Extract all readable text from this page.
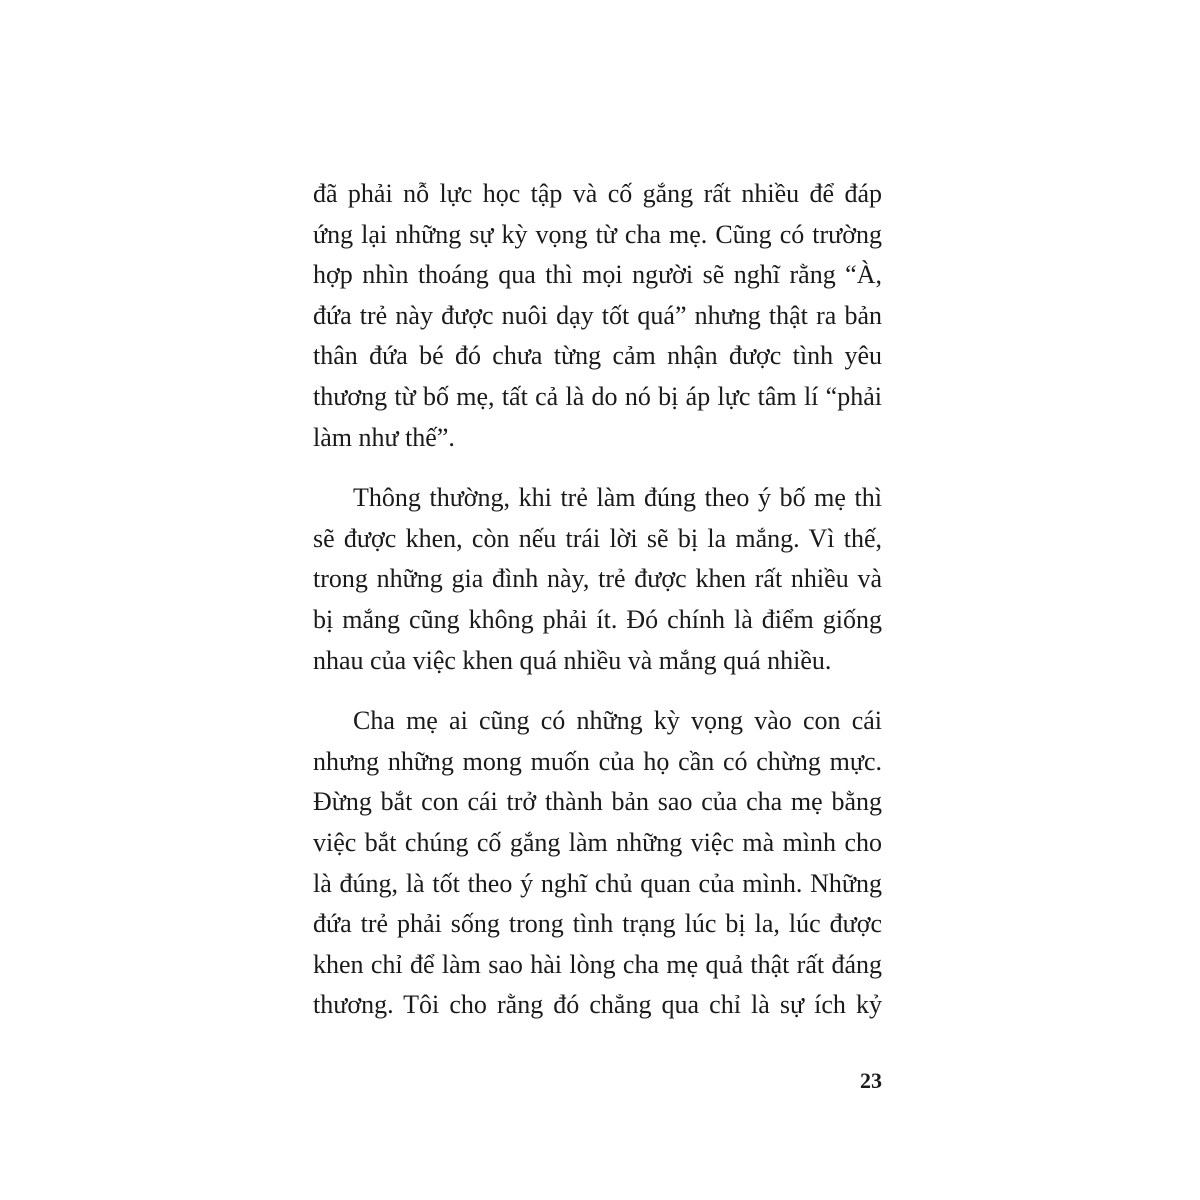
đã phải nỗ lực học tập và cố gắng rất nhiều để đáp
ứng lại những sự kỳ vọng từ cha mẹ. Cũng có trường
hợp nhìn thoáng qua thì mọi người sẽ nghĩ rằng “À,
đứa trẻ này được nuôi dạy tốt quá” nhưng thật ra bản
thân đứa bé đó chưa từng cảm nhận được tình yêu
thương từ bố mẹ, tất cả là do nó bị áp lực tâm lí “phải
làm như thế”.

Thông thường, khi trẻ làm đúng theo ý bố mẹ thì
sẽ được khen, còn nếu trái lời sẽ bị la mắng. Vì thế,
trong những gia đình này, trẻ được khen rất nhiều và
bị mắng cũng không phải ít. Đó chính là điểm giống
nhau của việc khen quá nhiều và mắng quá nhiều.

Cha mẹ ai cũng có những kỳ vọng vào con cái
nhưng những mong muốn của họ cần có chừng mực.
Đừng bắt con cái trở thành bản sao của cha mẹ bằng
việc bắt chúng cố gắng làm những việc mà mình cho
là đúng, là tốt theo ý nghĩ chủ quan của mình. Những
đứa trẻ phải sống trong tình trạng lúc bị la, lúc được
khen chỉ để làm sao hài lòng cha mẹ quả thật rất đáng
thương. Tôi cho rằng đó chẳng qua chỉ là sự ích kỷ

23
